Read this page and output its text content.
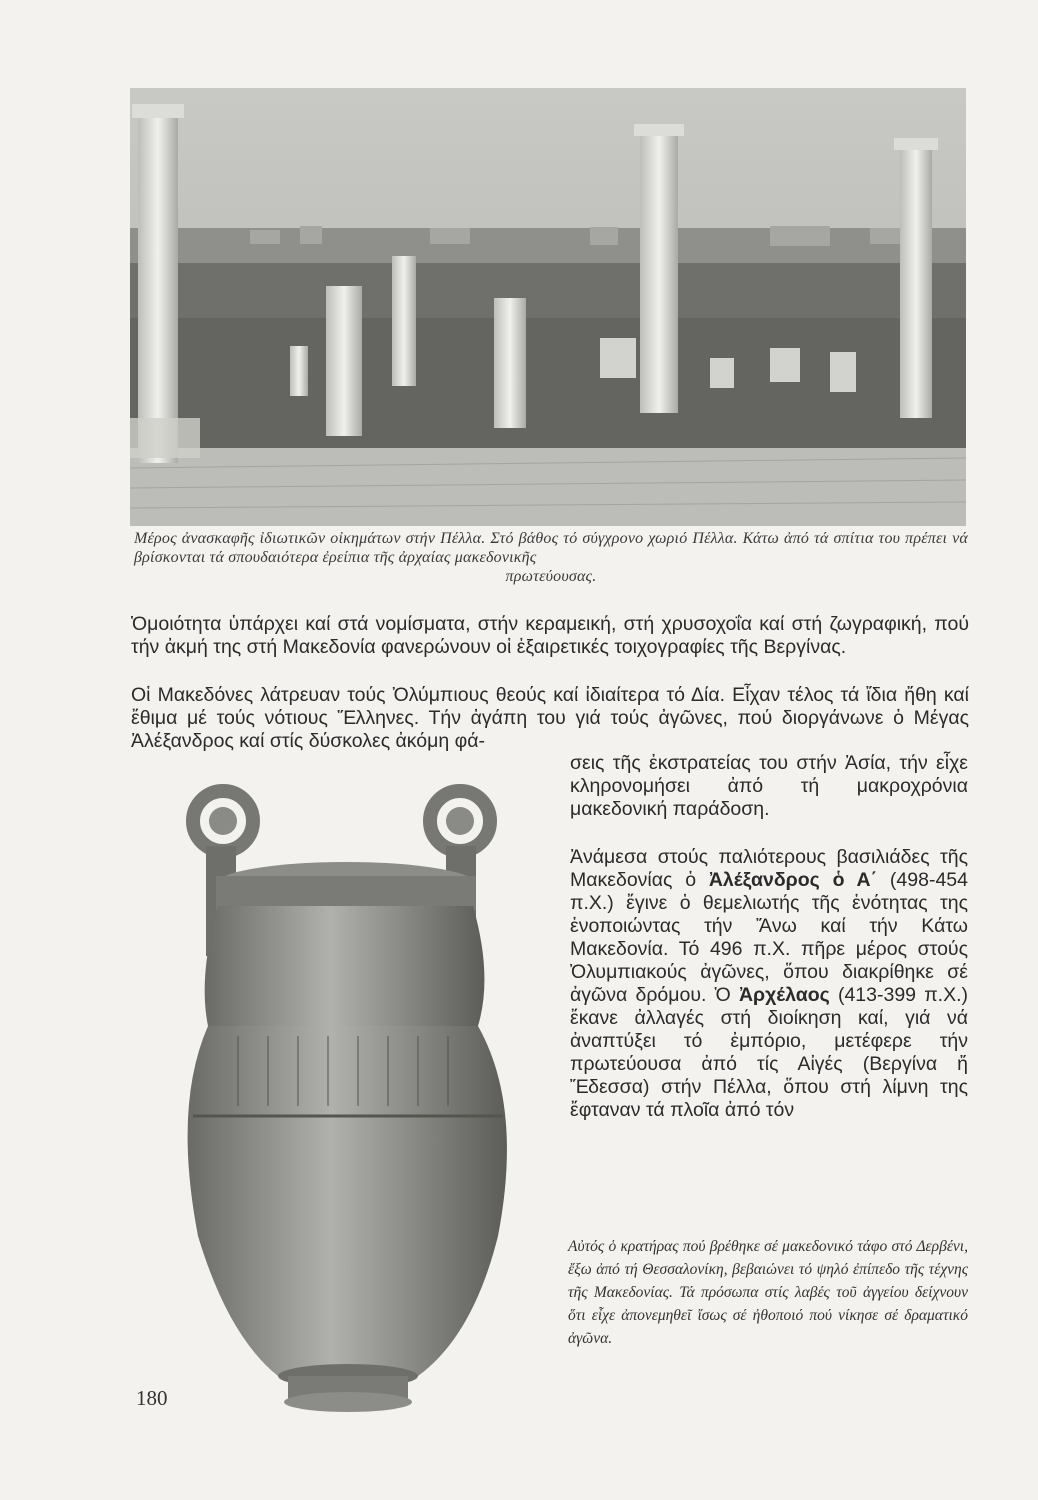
Μέρος ἀνασκαφῆς ἰδιωτικῶν οἰκημάτων στήν Πέλλα. Στό βάθος τό σύγχρονο χωριό Πέλλα. Κάτω ἀπό τά σπίτια του πρέπει νά βρίσκονται τά σπουδαιότερα ἐρείπια τῆς ἀρχαίας μακεδονικῆς
πρωτεύουσας.
Ὁμοιότητα ὑπάρχει καί στά νομίσματα, στήν κεραμεική, στή χρυσοχοΐα καί στή ζωγραφική, πού τήν ἀκμή της στή Μακεδονία φανερώνουν οἱ ἐξαιρετικές τοιχογραφίες τῆς Βεργίνας.
Οἱ Μακεδόνες λάτρευαν τούς Ὀλύμπιους θεούς καί ἰδιαίτερα τό Δία. Εἶχαν τέλος τά ἴδια ἤθη καί ἔθιμα μέ τούς νότιους Ἕλληνες. Τήν ἀγάπη του γιά τούς ἀγῶνες, πού διοργάνωνε ὁ Μέγας Ἀλέξανδρος καί στίς δύσκολες ἀκόμη φά-
σεις τῆς ἐκστρατείας του στήν Ἀσία, τήν εἶχε κληρονομήσει ἀπό τή μακροχρόνια μακεδονική παράδοση.
Ἀνάμεσα στούς παλιότερους βασιλιάδες τῆς Μακεδονίας ὁ Ἀλέξανδρος ὁ Α΄ (498-454 π.Χ.) ἔγινε ὁ θεμελιωτής τῆς ἑνότητας της ἑνοποιώντας τήν Ἄνω καί τήν Κάτω Μακεδονία. Τό 496 π.Χ. πῆρε μέρος στούς Ὀλυμπιακούς ἀγῶνες, ὅπου διακρίθηκε σέ ἀγῶνα δρόμου. Ὁ Ἀρχέλαος (413-399 π.Χ.) ἔκανε ἀλλαγές στή διοίκηση καί, γιά νά ἀναπτύξει τό ἐμπόριο, μετέφερε τήν πρωτεύουσα ἀπό τίς Αἰγές (Βεργίνα ἤ Ἔδεσσα) στήν Πέλλα, ὅπου στή λίμνη της ἔφταναν τά πλοῖα ἀπό τόν
Αὐτός ὁ κρατήρας πού βρέθηκε σέ μακεδονικό τάφο στό Δερβένι, ἔξω ἀπό τή Θεσσαλονίκη, βεβαιώνει τό ψηλό ἐπίπεδο τῆς τέχνης τῆς Μακεδονίας. Τά πρόσωπα στίς λαβές τοῦ ἀγγείου δείχνουν ὅτι εἶχε ἀπονεμηθεῖ ἴσως σέ ἠθοποιό πού νίκησε σέ δραματικό ἀγῶνα.
180
